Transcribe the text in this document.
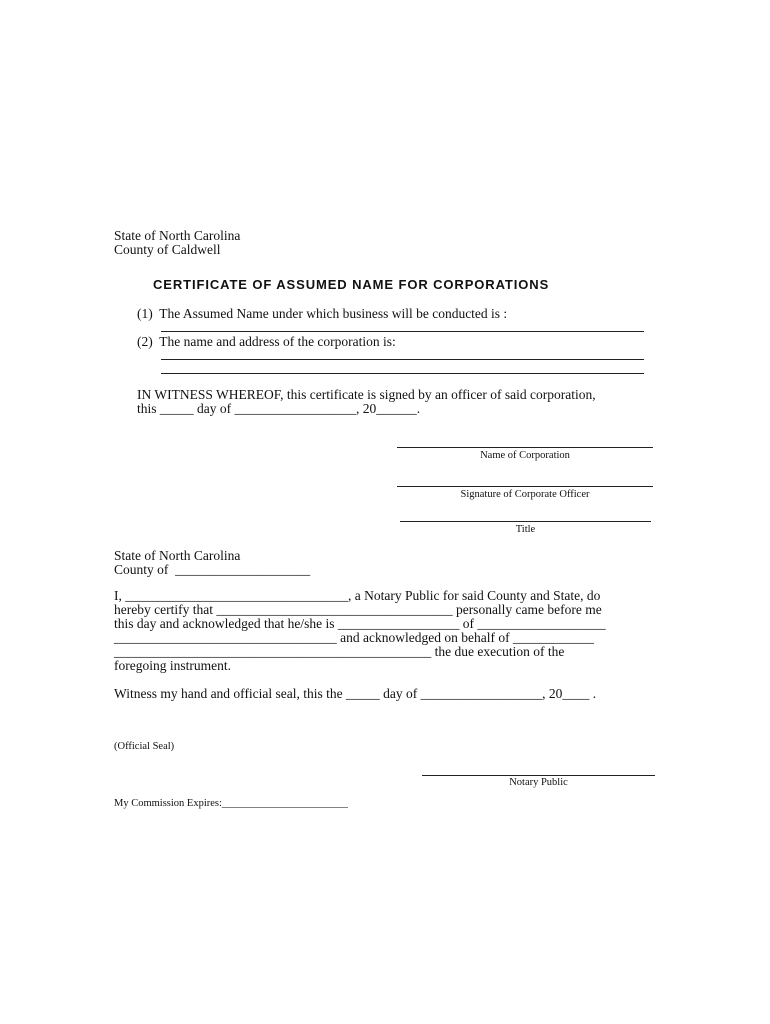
State of North Carolina
County of Caldwell
CERTIFICATE OF ASSUMED NAME FOR CORPORATIONS
(1)  The Assumed Name under which business will be conducted is :
(2)  The name and address of the corporation is:
IN WITNESS WHEREOF, this certificate is signed by an officer of said corporation,
this _____ day of __________________, 20______.
Name of Corporation
Signature of Corporate Officer
Title
State of North Carolina
County of  ____________________
I, _________________________________, a Notary Public for said County and State, do
hereby certify that ___________________________________ personally came before me
this day and acknowledged that he/she is __________________ of ___________________
_________________________________ and acknowledged on behalf of ____________
_______________________________________________ the due execution of the
foregoing instrument.
Witness my hand and official seal, this the _____ day of __________________, 20____ .
(Official Seal)
Notary Public
My Commission Expires:________________________
